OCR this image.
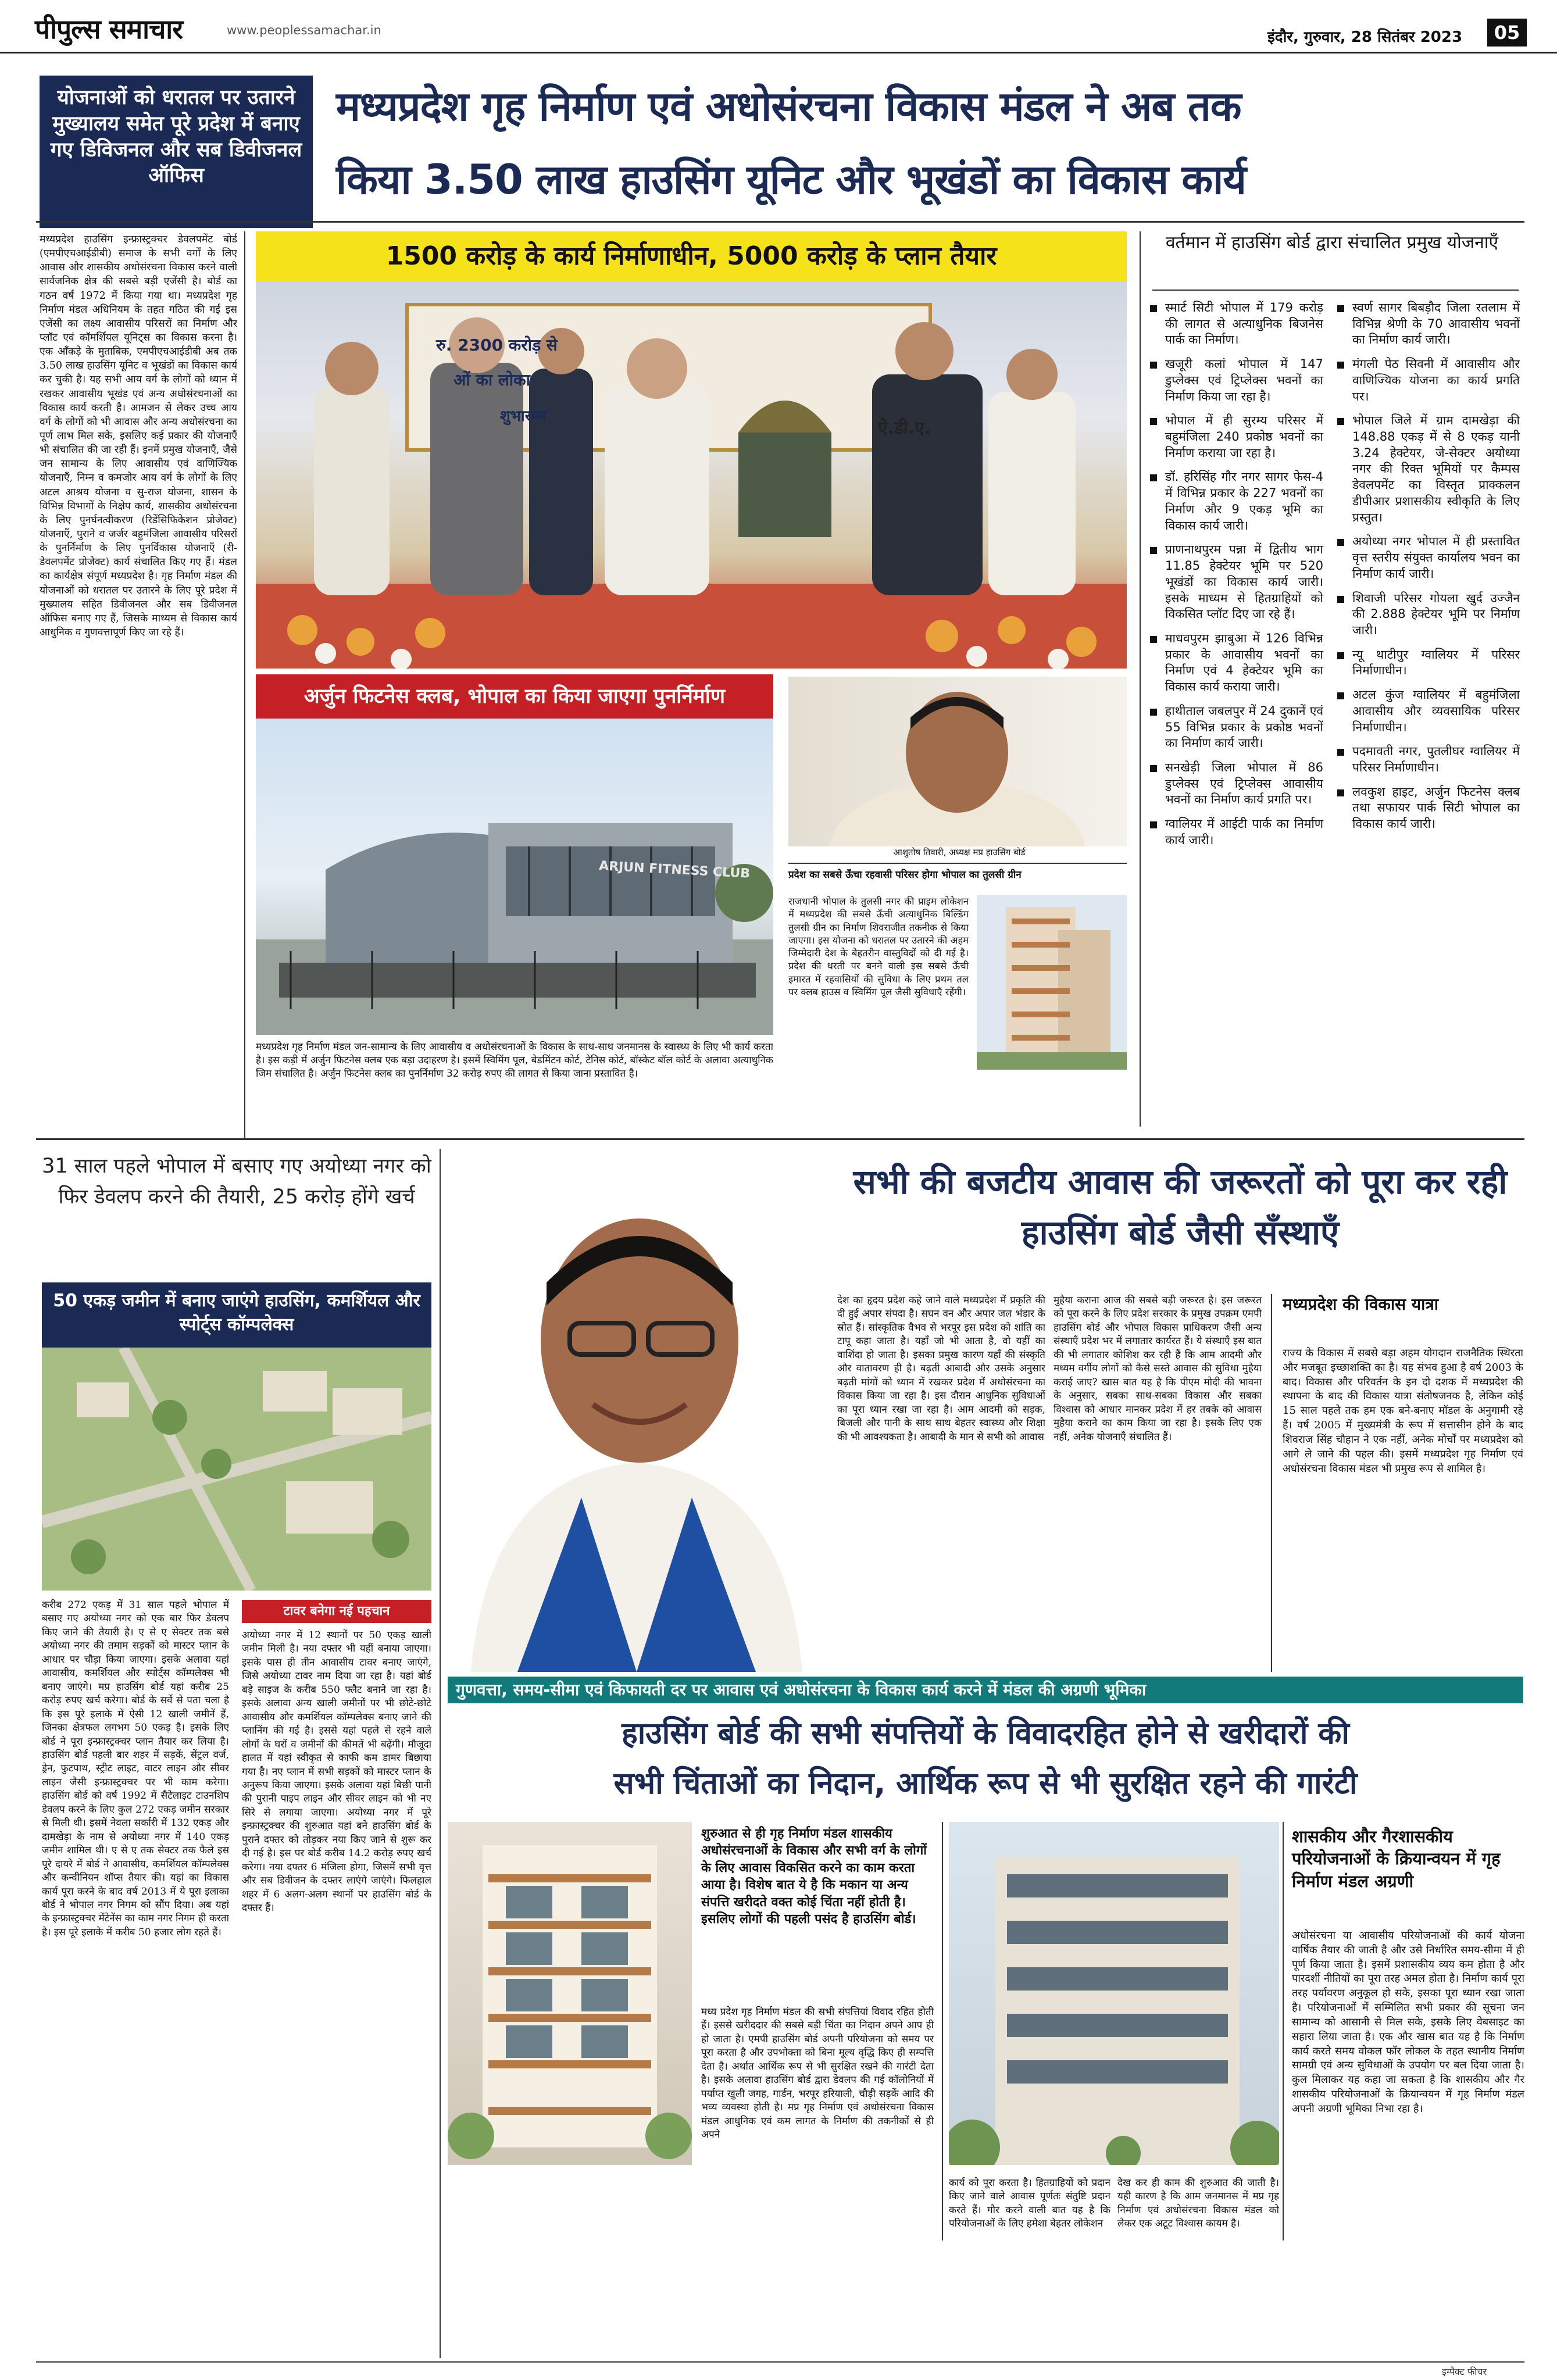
पीपुल्स समाचार	www.peoplessamachar.in	इंदौर, गुरुवार, 28 सितंबर 2023	05
योजनाओं को धरातल पर उतारने मुख्यालय समेत पूरे प्रदेश में बनाए गए डिविजनल और सब डिवीजनल ऑफिस
मध्यप्रदेश गृह निर्माण एवं अधोसंरचना विकास मंडल ने अब तक
किया 3.50 लाख हाउसिंग यूनिट और भूखंडों का विकास कार्य
मध्यप्रदेश हाउसिंग इन्फ्रास्ट्रक्चर डेवलपमेंट बोर्ड (एमपीएचआईडीबी) समाज के सभी वर्गों के लिए आवास और शासकीय अधोसंरचना विकास करने वाली सार्वजनिक क्षेत्र की सबसे बड़ी एजेंसी है। बोर्ड का गठन वर्ष 1972 में किया गया था। मध्यप्रदेश गृह निर्माण मंडल अधिनियम के तहत गठित की गई इस एजेंसी का लक्ष्य आवासीय परिसरों का निर्माण और प्लॉट एवं कॉमर्शियल यूनिट्स का विकास करना है। एक आँकड़े के मुताबिक, एमपीएचआईडीबी अब तक 3.50 लाख हाउसिंग यूनिट व भूखंडों का विकास कार्य कर चुकी है। यह सभी आय वर्ग के लोगों को ध्यान में रखकर आवासीय भूखंड एवं अन्य अधोसंरचनाओं का विकास कार्य करती है। आमजन से लेकर उच्च आय वर्ग के लोगों को भी आवास और अन्य अधोसंरचना का पूर्ण लाभ मिल सके, इसलिए कई प्रकार की योजनाएँ भी संचालित की जा रही हैं। इनमें प्रमुख योजनाएँ, जैसे जन सामान्य के लिए आवासीय एवं वाणिज्यिक योजनाएँ, निम्न व कमजोर आय वर्ग के लोगों के लिए अटल आश्रय योजना व सु-राज योजना, शासन के विभिन्न विभागों के निक्षेप कार्य, शासकीय अधोसंरचना के लिए पुनर्घनत्वीकरण (रिडेंसिफिकेशन प्रोजेक्ट) योजनाएँ, पुराने व जर्जर बहुमंजिला आवासीय परिसरों के पुनर्निर्माण के लिए पुनर्विकास योजनाएँ (री-डेवलपमेंट प्रोजेक्ट) कार्य संचालित किए गए हैं। मंडल का कार्यक्षेत्र संपूर्ण मध्यप्रदेश है। गृह निर्माण मंडल की योजनाओं को धरातल पर उतारने के लिए पूरे प्रदेश में मुख्यालय सहित डिवीजनल और सब डिवीजनल ऑफिस बनाए गए हैं, जिसके माध्यम से विकास कार्य आधुनिक व गुणवत्तापूर्ण किए जा रहे हैं।
1500 करोड़ के कार्य निर्माणाधीन, 5000 करोड़ के प्लान तैयार
रु. 2300 करोड़ से
ओं का लोका
शुभारम्भ
ऐ.डी.ए.
अर्जुन फिटनेस क्लब, भोपाल का किया जाएगा पुनर्निर्माण
ARJUN FITNESS CLUB
मध्यप्रदेश गृह निर्माण मंडल जन-सामान्य के लिए आवासीय व अधोसंरचनाओं के विकास के साथ-साथ जनमानस के स्वास्थ्य के लिए भी कार्य करता है। इस कड़ी में अर्जुन फिटनेस क्लब एक बड़ा उदाहरण है। इसमें स्विमिंग पूल, बेडमिंटन कोर्ट, टेनिस कोर्ट, बॉस्केट बॉल कोर्ट के अलावा अत्याधुनिक जिम संचालित है। अर्जुन फिटनेस क्लब का पुनर्निर्माण 32 करोड़ रुपए की लागत से किया जाना प्रस्तावित है।
आशुतोष तिवारी, अध्यक्ष मप्र हाउसिंग बोर्ड
प्रदेश का सबसे ऊँचा रहवासी परिसर होगा भोपाल का तुलसी ग्रीन
राजधानी भोपाल के तुलसी नगर की प्राइम लोकेशन में मध्यप्रदेश की सबसे ऊँची अत्याधुनिक बिल्डिंग तुलसी ग्रीन का निर्माण शिवराजीत तकनीक से किया जाएगा। इस योजना को धरातल पर उतारने की अहम जिम्मेदारी देश के बेहतरीन वास्तुविदों को दी गई है। प्रदेश की धरती पर बनने वाली इस सबसे ऊँची इमारत में रहवासियों की सुविधा के लिए प्रथम तल पर क्लब हाउस व स्विमिंग पूल जैसी सुविधाएँ रहेंगी।
वर्तमान में हाउसिंग बोर्ड द्वारा संचालित प्रमुख योजनाएँ
स्मार्ट सिटी भोपाल में 179 करोड़ की लागत से अत्याधुनिक बिजनेस पार्क का निर्माण।
खजूरी कलां भोपाल में 147 डुप्लेक्स एवं ट्रिप्लेक्स भवनों का निर्माण किया जा रहा है।
भोपाल में ही सुरम्य परिसर में बहुमंजिला 240 प्रकोष्ठ भवनों का निर्माण कराया जा रहा है।
डॉ. हरिसिंह गौर नगर सागर फेस-4 में विभिन्न प्रकार के 227 भवनों का निर्माण और 9 एकड़ भूमि का विकास कार्य जारी।
प्राणनाथपुरम पन्ना में द्वितीय भाग 11.85 हेक्टेयर भूमि पर 520 भूखंडों का विकास कार्य जारी। इसके माध्यम से हितग्राहियों को विकसित प्लॉट दिए जा रहे हैं।
माधवपुरम झाबुआ में 126 विभिन्न प्रकार के आवासीय भवनों का निर्माण एवं 4 हेक्टेयर भूमि का विकास कार्य कराया जारी।
हाथीताल जबलपुर में 24 दुकानें एवं 55 विभिन्न प्रकार के प्रकोष्ठ भवनों का निर्माण कार्य जारी।
सनखेड़ी जिला भोपाल में 86 डुप्लेक्स एवं ट्रिप्लेक्स आवासीय भवनों का निर्माण कार्य प्रगति पर।
ग्वालियर में आईटी पार्क का निर्माण कार्य जारी।
स्वर्ण सागर बिबड़ौद जिला रतलाम में विभिन्न श्रेणी के 70 आवासीय भवनों का निर्माण कार्य जारी।
मंगली पेठ सिवनी में आवासीय और वाणिज्यिक योजना का कार्य प्रगति पर।
भोपाल जिले में ग्राम दामखेड़ा की 148.88 एकड़ में से 8 एकड़ यानी 3.24 हेक्टेयर, जे-सेक्टर अयोध्या नगर की रिक्त भूमियों पर कैम्पस डेवलपमेंट का विस्तृत प्राक्कलन डीपीआर प्रशासकीय स्वीकृति के लिए प्रस्तुत।
अयोध्या नगर भोपाल में ही प्रस्तावित वृत्त स्तरीय संयुक्त कार्यालय भवन का निर्माण कार्य जारी।
शिवाजी परिसर गोयला खुर्द उज्जैन की 2.888 हेक्टेयर भूमि पर निर्माण जारी।
न्यू थाटीपुर ग्वालियर में परिसर निर्माणाधीन।
अटल कुंज ग्वालियर में बहुमंजिला आवासीय और व्यवसायिक परिसर निर्माणाधीन।
पदमावती नगर, पुतलीघर ग्वालियर में परिसर निर्माणाधीन।
लवकुश हाइट, अर्जुन फिटनेस क्लब तथा सफायर पार्क सिटी भोपाल का विकास कार्य जारी।
31 साल पहले भोपाल में बसाए गए अयोध्या नगर को फिर डेवलप करने की तैयारी, 25 करोड़ होंगे खर्च
50 एकड़ जमीन में बनाए जाएंगे हाउसिंग, कमर्शियल और स्पोर्ट्स कॉम्पलेक्स
करीब 272 एकड़ में 31 साल पहले भोपाल में बसाए गए अयोध्या नगर को एक बार फिर डेवलप किए जाने की तैयारी है। ए से ए सेक्टर तक बसे अयोध्या नगर की तमाम सड़कों को मास्टर प्लान के आधार पर चौड़ा किया जाएगा। इसके अलावा यहां आवासीय, कमर्शियल और स्पोर्ट्स कॉम्पलेक्स भी बनाए जाएंगे। मप्र हाउसिंग बोर्ड यहां करीब 25 करोड़ रुपए खर्च करेगा। बोर्ड के सर्वे से पता चला है कि इस पूरे इलाके में ऐसी 12 खाली जमीनें हैं, जिनका क्षेत्रफल लगभग 50 एकड़ है। इसके लिए बोर्ड ने पूरा इन्फ्रास्ट्रक्चर प्लान तैयार कर लिया है। हाउसिंग बोर्ड पहली बार शहर में सड़कें, सेंट्रल वर्ज, ड्रेन, फुटपाथ, स्ट्रीट लाइट, वाटर लाइन और सीवर लाइन जैसी इन्फ्रास्ट्रक्चर पर भी काम करेगा। हाउसिंग बोर्ड को वर्ष 1992 में सैटेलाइट टाउनशिप डेवलप करने के लिए कुल 272 एकड़ जमीन सरकार से मिली थी। इसमें नेवला सर्कारी में 132 एकड़ और दामखेड़ा के नाम से अयोध्या नगर में 140 एकड़ जमीन शामिल थी। ए से ए तक सेक्टर तक फैले इस पूरे दायरे में बोर्ड ने आवासीय, कमर्शियल कॉम्पलेक्स और कन्वीनियन शॉप्स तैयार की। यहां का विकास कार्य पूरा करने के बाद वर्ष 2013 में ये पूरा इलाका बोर्ड ने भोपाल नगर निगम को सौंप दिया। अब यहां के इन्फ्रास्ट्रक्चर मेंटेनेंस का काम नगर निगम ही करता है। इस पूरे इलाके में करीब 50 हजार लोग रहते हैं।
टावर बनेगा नई पहचान
अयोध्या नगर में 12 स्थानों पर 50 एकड़ खाली जमीन मिली है। नया दफ्तर भी यहीं बनाया जाएगा। इसके पास ही तीन आवासीय टावर बनाए जाएंगे, जिसे अयोध्या टावर नाम दिया जा रहा है। यहां बोर्ड बड़े साइज के करीब 550 फ्लैट बनाने जा रहा है। इसके अलावा अन्य खाली जमीनों पर भी छोटे-छोटे आवासीय और कमर्शियल कॉम्पलेक्स बनाए जाने की प्लानिंग की गई है। इससे यहां पहले से रहने वाले लोगों के घरों व जमीनों की कीमतें भी बढ़ेंगी। मौजूदा हालत में यहां स्वीकृत से काफी कम डामर बिछाया गया है। नए प्लान में सभी सड़कों को मास्टर प्लान के अनुरूप किया जाएगा। इसके अलावा यहां बिछी पानी की पुरानी पाइप लाइन और सीवर लाइन को भी नए सिरे से लगाया जाएगा। अयोध्या नगर में पूरे इन्फ्रास्ट्रक्चर की शुरुआत यहां बने हाउसिंग बोर्ड के पुराने दफ्तर को तोड़कर नया किए जाने से शुरू कर दी गई है। इस पर बोर्ड करीब 14.2 करोड़ रुपए खर्च करेगा। नया दफ्तर 6 मंजिला होगा, जिसमें सभी वृत्त और सब डिवीजन के दफ्तर लाएंगे जाएंगे। फिलहाल शहर में 6 अलग-अलग स्थानों पर हाउसिंग बोर्ड के दफ्तर हैं।
सभी की बजटीय आवास की जरूरतों को पूरा कर रही हाउसिंग बोर्ड जैसी सँस्थाएँ
देश का हृदय प्रदेश कहे जाने वाले मध्यप्रदेश में प्रकृति की दी हुई अपार संपदा है। सघन वन और अपार जल भंडार के स्रोत हैं। सांस्कृतिक वैभव से भरपूर इस प्रदेश को शांति का टापू कहा जाता है। यहाँ जो भी आता है, वो यहीं का वाशिंदा हो जाता है। इसका प्रमुख कारण यहाँ की संस्कृति और वातावरण ही है। बढ़ती आबादी और उसके अनुसार बढ़ती मांगों को ध्यान में रखकर प्रदेश में अधोसंरचना का विकास किया जा रहा है। इस दौरान आधुनिक सुविधाओं का पूरा ध्यान रखा जा रहा है। आम आदमी को सड़क, बिजली और पानी के साथ साथ बेहतर स्वास्थ्य और शिक्षा की भी आवश्यकता है। आबादी के मान से सभी को आवास
मुहैया कराना आज की सबसे बड़ी जरूरत है। इस जरूरत को पूरा करने के लिए प्रदेश सरकार के प्रमुख उपक्रम एमपी हाउसिंग बोर्ड और भोपाल विकास प्राधिकरण जैसी अन्य संस्थाएँ प्रदेश भर में लगातार कार्यरत हैं। ये संस्थाएँ इस बात की भी लगातार कोशिश कर रही हैं कि आम आदमी और मध्यम वर्गीय लोगों को कैसे सस्ते आवास की सुविधा मुहैया कराई जाए? खास बात यह है कि पीएम मोदी की भावना के अनुसार, सबका साथ-सबका विकास और सबका विश्वास को आधार मानकर प्रदेश में हर तबके को आवास मुहैया कराने का काम किया जा रहा है। इसके लिए एक नहीं, अनेक योजनाएँ संचालित हैं।
मध्यप्रदेश की विकास यात्रा
राज्य के विकास में सबसे बड़ा अहम योगदान राजनैतिक स्थिरता और मजबूत इच्छाशक्ति का है। यह संभव हुआ है वर्ष 2003 के बाद। विकास और परिवर्तन के इन दो दशक में मध्यप्रदेश की स्थापना के बाद की विकास यात्रा संतोषजनक है, लेकिन कोई 15 साल पहले तक हम एक बने-बनाए मॉडल के अनुगामी रहे हैं। वर्ष 2005 में मुख्यमंत्री के रूप में सत्तासीन होने के बाद शिवराज सिंह चौहान ने एक नहीं, अनेक मोर्चों पर मध्यप्रदेश को आगे ले जाने की पहल की। इसमें मध्यप्रदेश गृह निर्माण एवं अधोसंरचना विकास मंडल भी प्रमुख रूप से शामिल है।
गुणवत्ता, समय-सीमा एवं किफायती दर पर आवास एवं अधोसंरचना के विकास कार्य करने में मंडल की अग्रणी भूमिका
हाउसिंग बोर्ड की सभी संपत्तियों के विवादरहित होने से खरीदारों की
सभी चिंताओं का निदान, आर्थिक रूप से भी सुरक्षित रहने की गारंटी
शुरुआत से ही गृह निर्माण मंडल शासकीय अधोसंरचनाओं के विकास और सभी वर्ग के लोगों के लिए आवास विकसित करने का काम करता आया है। विशेष बात ये है कि मकान या अन्य संपत्ति खरीदते वक्त कोई चिंता नहीं होती है। इसलिए लोगों की पहली पसंद है हाउसिंग बोर्ड।
मध्य प्रदेश गृह निर्माण मंडल की सभी संपत्तियां विवाद रहित होती हैं। इससे खरीददार की सबसे बड़ी चिंता का निदान अपने आप ही हो जाता है। एमपी हाउसिंग बोर्ड अपनी परियोजना को समय पर पूरा करता है और उपभोक्ता को बिना मूल्य वृद्धि किए ही सम्पत्ति देता है। अर्थात आर्थिक रूप से भी सुरक्षित रखने की गारंटी देता है। इसके अलावा हाउसिंग बोर्ड द्वारा डेवलप की गई कॉलोनियों में पर्याप्त खुली जगह, गार्डन, भरपूर हरियाली, चौड़ी सड़कें आदि की भव्य व्यवस्था होती है। मप्र गृह निर्माण एवं अधोसंरचना विकास मंडल आधुनिक एवं कम लागत के निर्माण की तकनीकों से ही अपने
कार्य को पूरा करता है। हितग्राहियों को प्रदान किए जाने वाले आवास पूर्णतः संतुष्टि प्रदान करते हैं। गौर करने वाली बात यह है कि परियोजनाओं के लिए हमेशा बेहतर लोकेशन
देख कर ही काम की शुरुआत की जाती है। यही कारण है कि आम जनमानस में मप्र गृह निर्माण एवं अधोसंरचना विकास मंडल को लेकर एक अटूट विश्वास कायम है।
शासकीय और गैरशासकीय परियोजनाओं के क्रियान्वयन में गृह निर्माण मंडल अग्रणी
अधोसंरचना या आवासीय परियोजनाओं की कार्य योजना वार्षिक तैयार की जाती है और उसे निर्धारित समय-सीमा में ही पूर्ण किया जाता है। इसमें प्रशासकीय व्यय कम होता है और पारदर्शी नीतियों का पूरा तरह अमल होता है। निर्माण कार्य पूरा तरह पर्यावरण अनुकूल हो सके, इसका पूरा ध्यान रखा जाता है। परियोजनाओं में सम्मिलित सभी प्रकार की सूचना जन सामान्य को आसानी से मिल सके, इसके लिए वेबसाइट का सहारा लिया जाता है। एक और खास बात यह है कि निर्माण कार्य करते समय वोकल फॉर लोकल के तहत स्थानीय निर्माण सामग्री एवं अन्य सुविधाओं के उपयोग पर बल दिया जाता है। कुल मिलाकर यह कहा जा सकता है कि शासकीय और गैर शासकीय परियोजनाओं के क्रियान्वयन में गृह निर्माण मंडल अपनी अग्रणी भूमिका निभा रहा है।
इम्पैक्ट फीचर
